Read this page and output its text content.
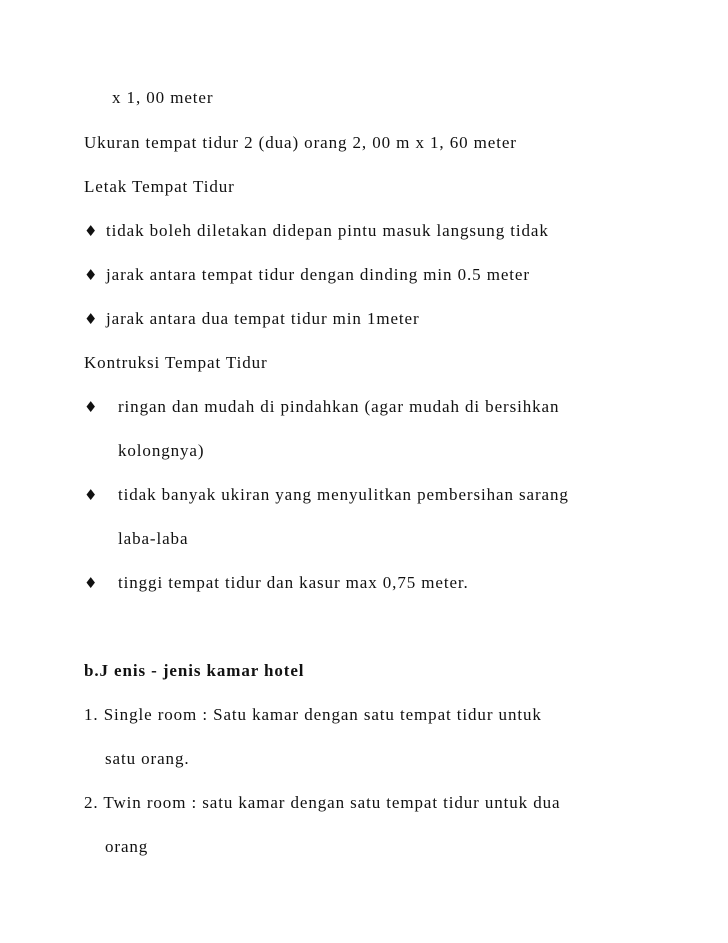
x 1, 00 meter
Ukuran tempat tidur 2 (dua) orang 2, 00 m x 1, 60 meter
Letak Tempat Tidur
♦ tidak boleh diletakan didepan pintu masuk langsung tidak
♦ jarak antara tempat tidur dengan dinding min 0.5 meter
♦ jarak antara dua tempat tidur min 1meter
Kontruksi Tempat Tidur
♦ ringan dan mudah di pindahkan (agar mudah di bersihkan
kolongnya)
♦ tidak banyak ukiran yang menyulitkan pembersihan sarang
laba-laba
♦ tinggi tempat tidur dan kasur max 0,75 meter.
b.J enis - jenis kamar hotel
1. Single room : Satu kamar dengan satu tempat tidur untuk
satu orang.
2. Twin room : satu kamar dengan satu tempat tidur untuk dua
orang
